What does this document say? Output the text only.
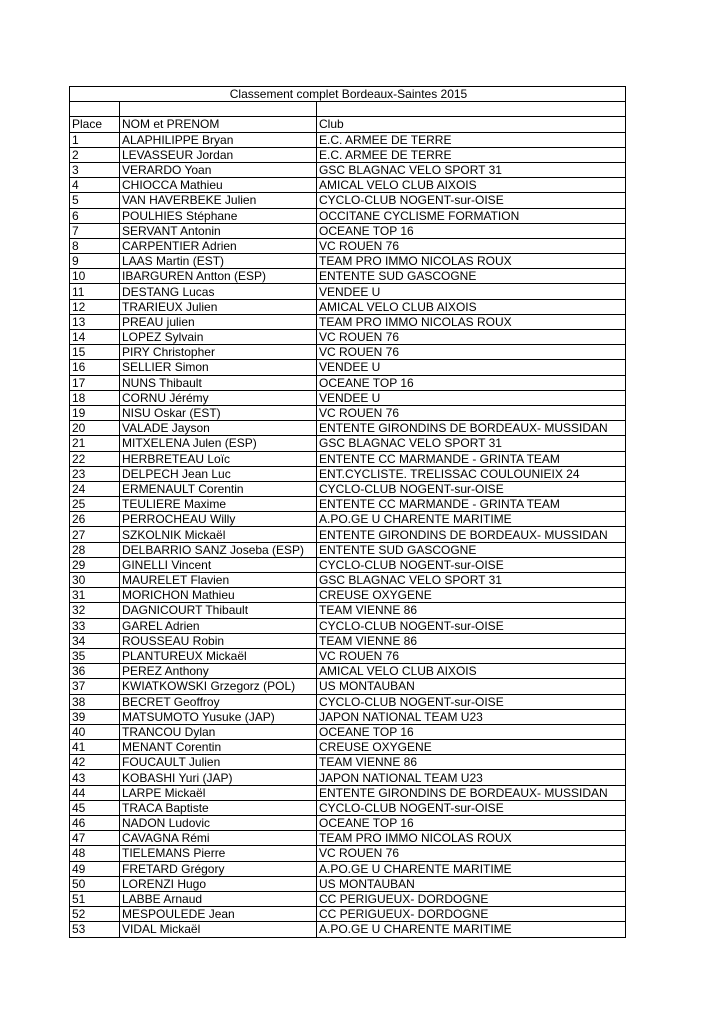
Classement complet Bordeaux-Saintes 2015		

Place	NOM et PRENOM	Club
1	ALAPHILIPPE Bryan	E.C. ARMEE DE TERRE
2	LEVASSEUR Jordan	E.C. ARMEE DE TERRE
3	VERARDO Yoan	GSC BLAGNAC VELO SPORT 31
4	CHIOCCA Mathieu	AMICAL VELO CLUB AIXOIS
5	VAN HAVERBEKE Julien	CYCLO-CLUB NOGENT-sur-OISE
6	POULHIES Stéphane	OCCITANE CYCLISME FORMATION
7	SERVANT Antonin	OCEANE TOP 16
8	CARPENTIER Adrien	VC ROUEN 76
9	LAAS Martin (EST)	TEAM PRO IMMO NICOLAS ROUX
10	IBARGUREN Antton (ESP)	ENTENTE SUD GASCOGNE
11	DESTANG Lucas	VENDEE U
12	TRARIEUX Julien	AMICAL VELO CLUB AIXOIS
13	PREAU julien	TEAM PRO IMMO NICOLAS ROUX
14	LOPEZ Sylvain	VC ROUEN 76
15	PIRY Christopher	VC ROUEN 76
16	SELLIER Simon	VENDEE U
17	NUNS Thibault	OCEANE TOP 16
18	CORNU Jérémy	VENDEE U
19	NISU Oskar (EST)	VC ROUEN 76
20	VALADE Jayson	ENTENTE GIRONDINS DE BORDEAUX- MUSSIDAN
21	MITXELENA Julen (ESP)	GSC BLAGNAC VELO SPORT 31
22	HERBRETEAU Loïc	ENTENTE CC MARMANDE - GRINTA TEAM
23	DELPECH Jean Luc	ENT.CYCLISTE. TRELISSAC COULOUNIEIX 24
24	ERMENAULT Corentin	CYCLO-CLUB NOGENT-sur-OISE
25	TEULIERE Maxime	ENTENTE CC MARMANDE - GRINTA TEAM
26	PERROCHEAU Willy	A.PO.GE U CHARENTE MARITIME
27	SZKOLNIK Mickaël	ENTENTE GIRONDINS DE BORDEAUX- MUSSIDAN
28	DELBARRIO SANZ Joseba (ESP)	ENTENTE SUD GASCOGNE
29	GINELLI Vincent	CYCLO-CLUB NOGENT-sur-OISE
30	MAURELET Flavien	GSC BLAGNAC VELO SPORT 31
31	MORICHON Mathieu	CREUSE OXYGENE
32	DAGNICOURT Thibault	TEAM VIENNE 86
33	GAREL Adrien	CYCLO-CLUB NOGENT-sur-OISE
34	ROUSSEAU Robin	TEAM VIENNE 86
35	PLANTUREUX Mickaël	VC ROUEN 76
36	PEREZ Anthony	AMICAL VELO CLUB AIXOIS
37	KWIATKOWSKI Grzegorz (POL)	US MONTAUBAN
38	BECRET Geoffroy	CYCLO-CLUB NOGENT-sur-OISE
39	MATSUMOTO Yusuke (JAP)	JAPON NATIONAL TEAM U23
40	TRANCOU Dylan	OCEANE TOP 16
41	MENANT Corentin	CREUSE OXYGENE
42	FOUCAULT Julien	TEAM VIENNE 86
43	KOBASHI Yuri (JAP)	JAPON NATIONAL TEAM U23
44	LARPE Mickaël	ENTENTE GIRONDINS DE BORDEAUX- MUSSIDAN
45	TRACA Baptiste	CYCLO-CLUB NOGENT-sur-OISE
46	NADON Ludovic	OCEANE TOP 16
47	CAVAGNA Rémi	TEAM PRO IMMO NICOLAS ROUX
48	TIELEMANS Pierre	VC ROUEN 76
49	FRETARD Grégory	A.PO.GE U CHARENTE MARITIME
50	LORENZI Hugo	US MONTAUBAN
51	LABBE Arnaud	CC PERIGUEUX- DORDOGNE
52	MESPOULEDE Jean	CC PERIGUEUX- DORDOGNE
53	VIDAL Mickaël	A.PO.GE U CHARENTE MARITIME
